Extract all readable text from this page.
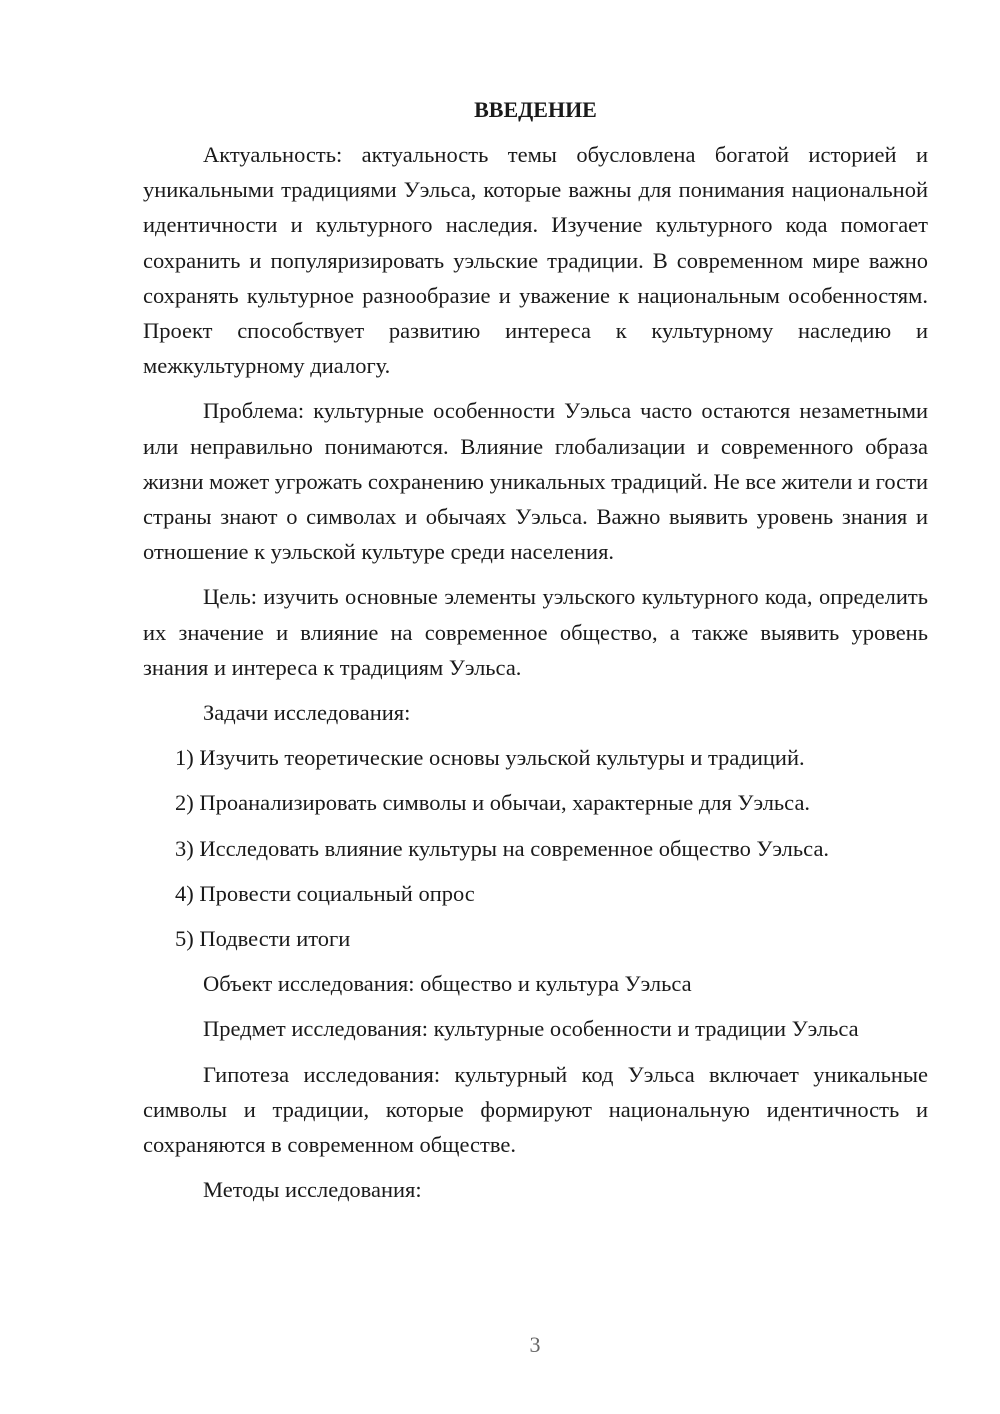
ВВЕДЕНИЕ

Актуальность: актуальность темы обусловлена богатой историей и уникальными традициями Уэльса, которые важны для понимания национальной идентичности и культурного наследия. Изучение культурного кода помогает сохранить и популяризировать уэльские традиции. В современном мире важно сохранять культурное разнообразие и уважение к национальным особенностям. Проект способствует развитию интереса к культурному наследию и межкультурному диалогу.

Проблема: культурные особенности Уэльса часто остаются незаметными или неправильно понимаются. Влияние глобализации и современного образа жизни может угрожать сохранению уникальных традиций. Не все жители и гости страны знают о символах и обычаях Уэльса. Важно выявить уровень знания и отношение к уэльской культуре среди населения.

Цель: изучить основные элементы уэльского культурного кода, определить их значение и влияние на современное общество, а также выявить уровень знания и интереса к традициям Уэльса.

Задачи исследования:
1) Изучить теоретические основы уэльской культуры и традиций.
2) Проанализировать символы и обычаи, характерные для Уэльса.
3) Исследовать влияние культуры на современное общество Уэльса.
4) Провести социальный опрос
5) Подвести итоги
Объект исследования: общество и культура Уэльса
Предмет исследования: культурные особенности и традиции Уэльса

Гипотеза исследования: культурный код Уэльса включает уникальные символы и традиции, которые формируют национальную идентичность и сохраняются в современном обществе.

Методы исследования:
3
